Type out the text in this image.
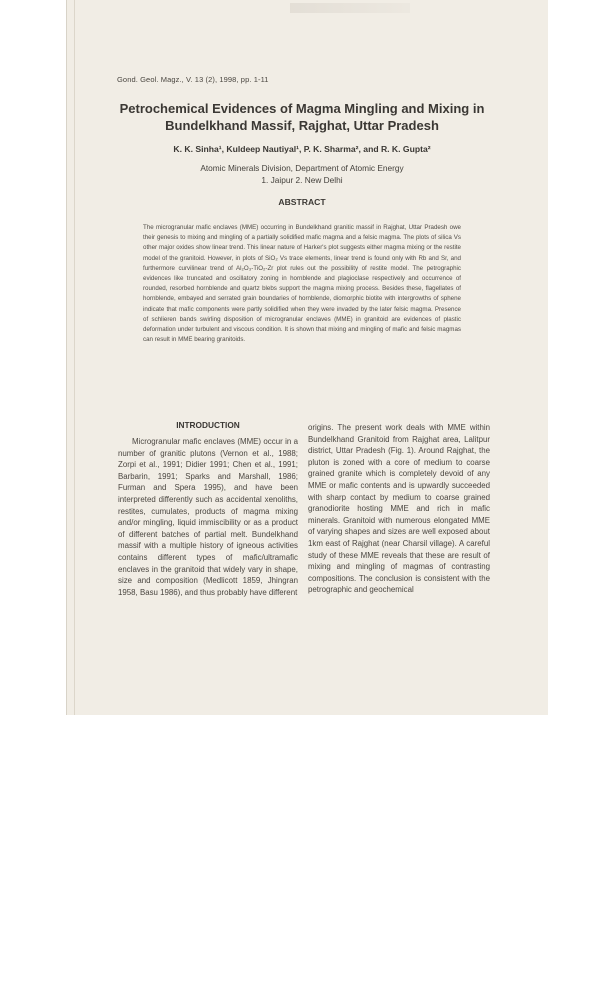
Gond. Geol. Magz., V. 13 (2), 1998, pp. 1-11
Petrochemical Evidences of Magma Mingling and Mixing in
Bundelkhand Massif, Rajghat, Uttar Pradesh
K. K. Sinha¹, Kuldeep Nautiyal¹, P. K. Sharma², and R. K. Gupta²
Atomic Minerals Division, Department of Atomic Energy
1. Jaipur 2. New Delhi
ABSTRACT
The microgranular mafic enclaves (MME) occurring in Bundelkhand granitic massif in Rajghat, Uttar Pradesh owe their genesis to mixing and mingling of a partially solidified mafic magma and a felsic magma. The plots of silica Vs other major oxides show linear trend. This linear nature of Harker's plot suggests either magma mixing or the restite model of the granitoid. However, in plots of SiO₂ Vs trace elements, linear trend is found only with Rb and Sr, and furthermore curvilinear trend of Al₂O₃-TiO₂-Zr plot rules out the possibility of restite model. The petrographic evidences like truncated and oscillatory zoning in hornblende and plagioclase respectively and occurrence of rounded, resorbed hornblende and quartz blebs support the magma mixing process. Besides these, flagellates of hornblende, embayed and serrated grain boundaries of hornblende, diomorphic biotite with intergrowths of sphene indicate that mafic components were partly solidified when they were invaded by the later felsic magma. Presence of schlieren bands swirling disposition of microgranular enclaves (MME) in granitoid are evidences of plastic deformation under turbulent and viscous condition. It is shown that mixing and mingling of mafic and felsic magmas can result in MME bearing granitoids.
INTRODUCTION
Microgranular mafic enclaves (MME) occur in a number of granitic plutons (Vernon et al., 1988; Zorpi et al., 1991; Didier 1991; Chen et al., 1991; Barbarin, 1991; Sparks and Marshall, 1986; Furman and Spera 1995), and have been interpreted differently such as accidental xenoliths, restites, cumulates, products of magma mixing and/or mingling, liquid immiscibility or as a product of different batches of partial melt. Bundelkhand massif with a multiple history of igneous activities contains different types of mafic/ultramafic enclaves in the granitoid that widely vary in shape, size and composition (Medlicott 1859, Jhingran 1958, Basu 1986), and thus probably have different
origins. The present work deals with MME within Bundelkhand Granitoid from Rajghat area, Lalitpur district, Uttar Pradesh (Fig. 1). Around Rajghat, the pluton is zoned with a core of medium to coarse grained granite which is completely devoid of any MME or mafic contents and is upwardly succeeded with sharp contact by medium to coarse grained granodiorite hosting MME and rich in mafic minerals. Granitoid with numerous elongated MME of varying shapes and sizes are well exposed about 1km east of Rajghat (near Charsil village). A careful study of these MME reveals that these are result of mixing and mingling of magmas of contrasting compositions. The conclusion is consistent with the petrographic and geochemical
